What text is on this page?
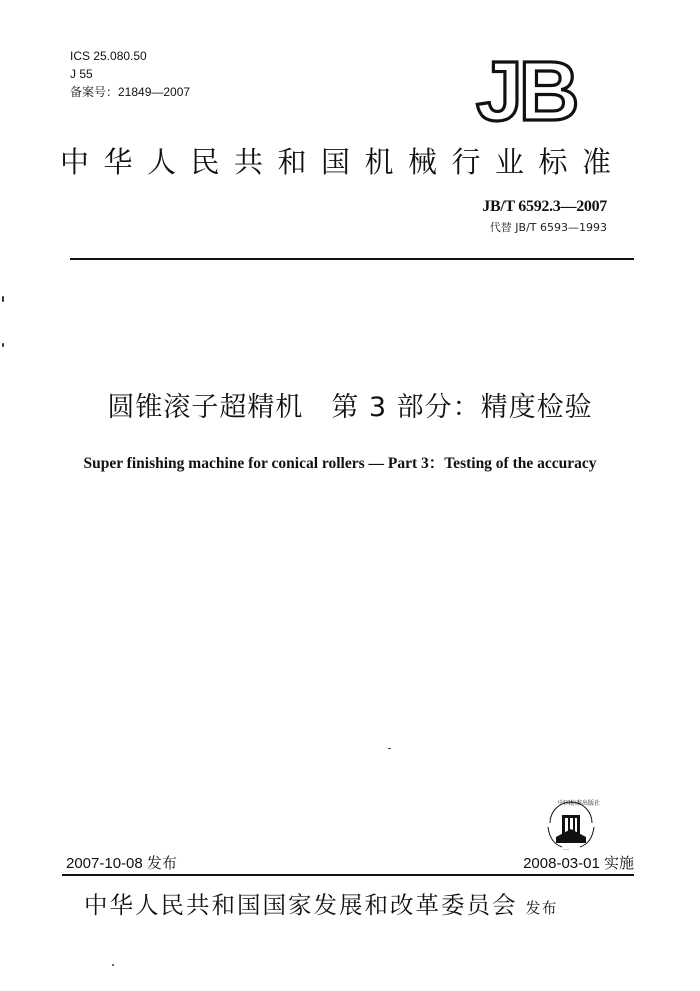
ICS 25.080.50
J 55
备案号：21849—2007	JB
中华人民共和国机械行业标准
JB/T 6592.3—2007
代替 JB/T 6593—1993
圆锥滚子超精机　第 3 部分：精度检验
Super finishing machine for conical rollers — Part 3：Testing of the accuracy
中国标准出版社
·····
2007-10-08 发布	2008-03-01 实施
中华人民共和国国家发展和改革委员会 发布
